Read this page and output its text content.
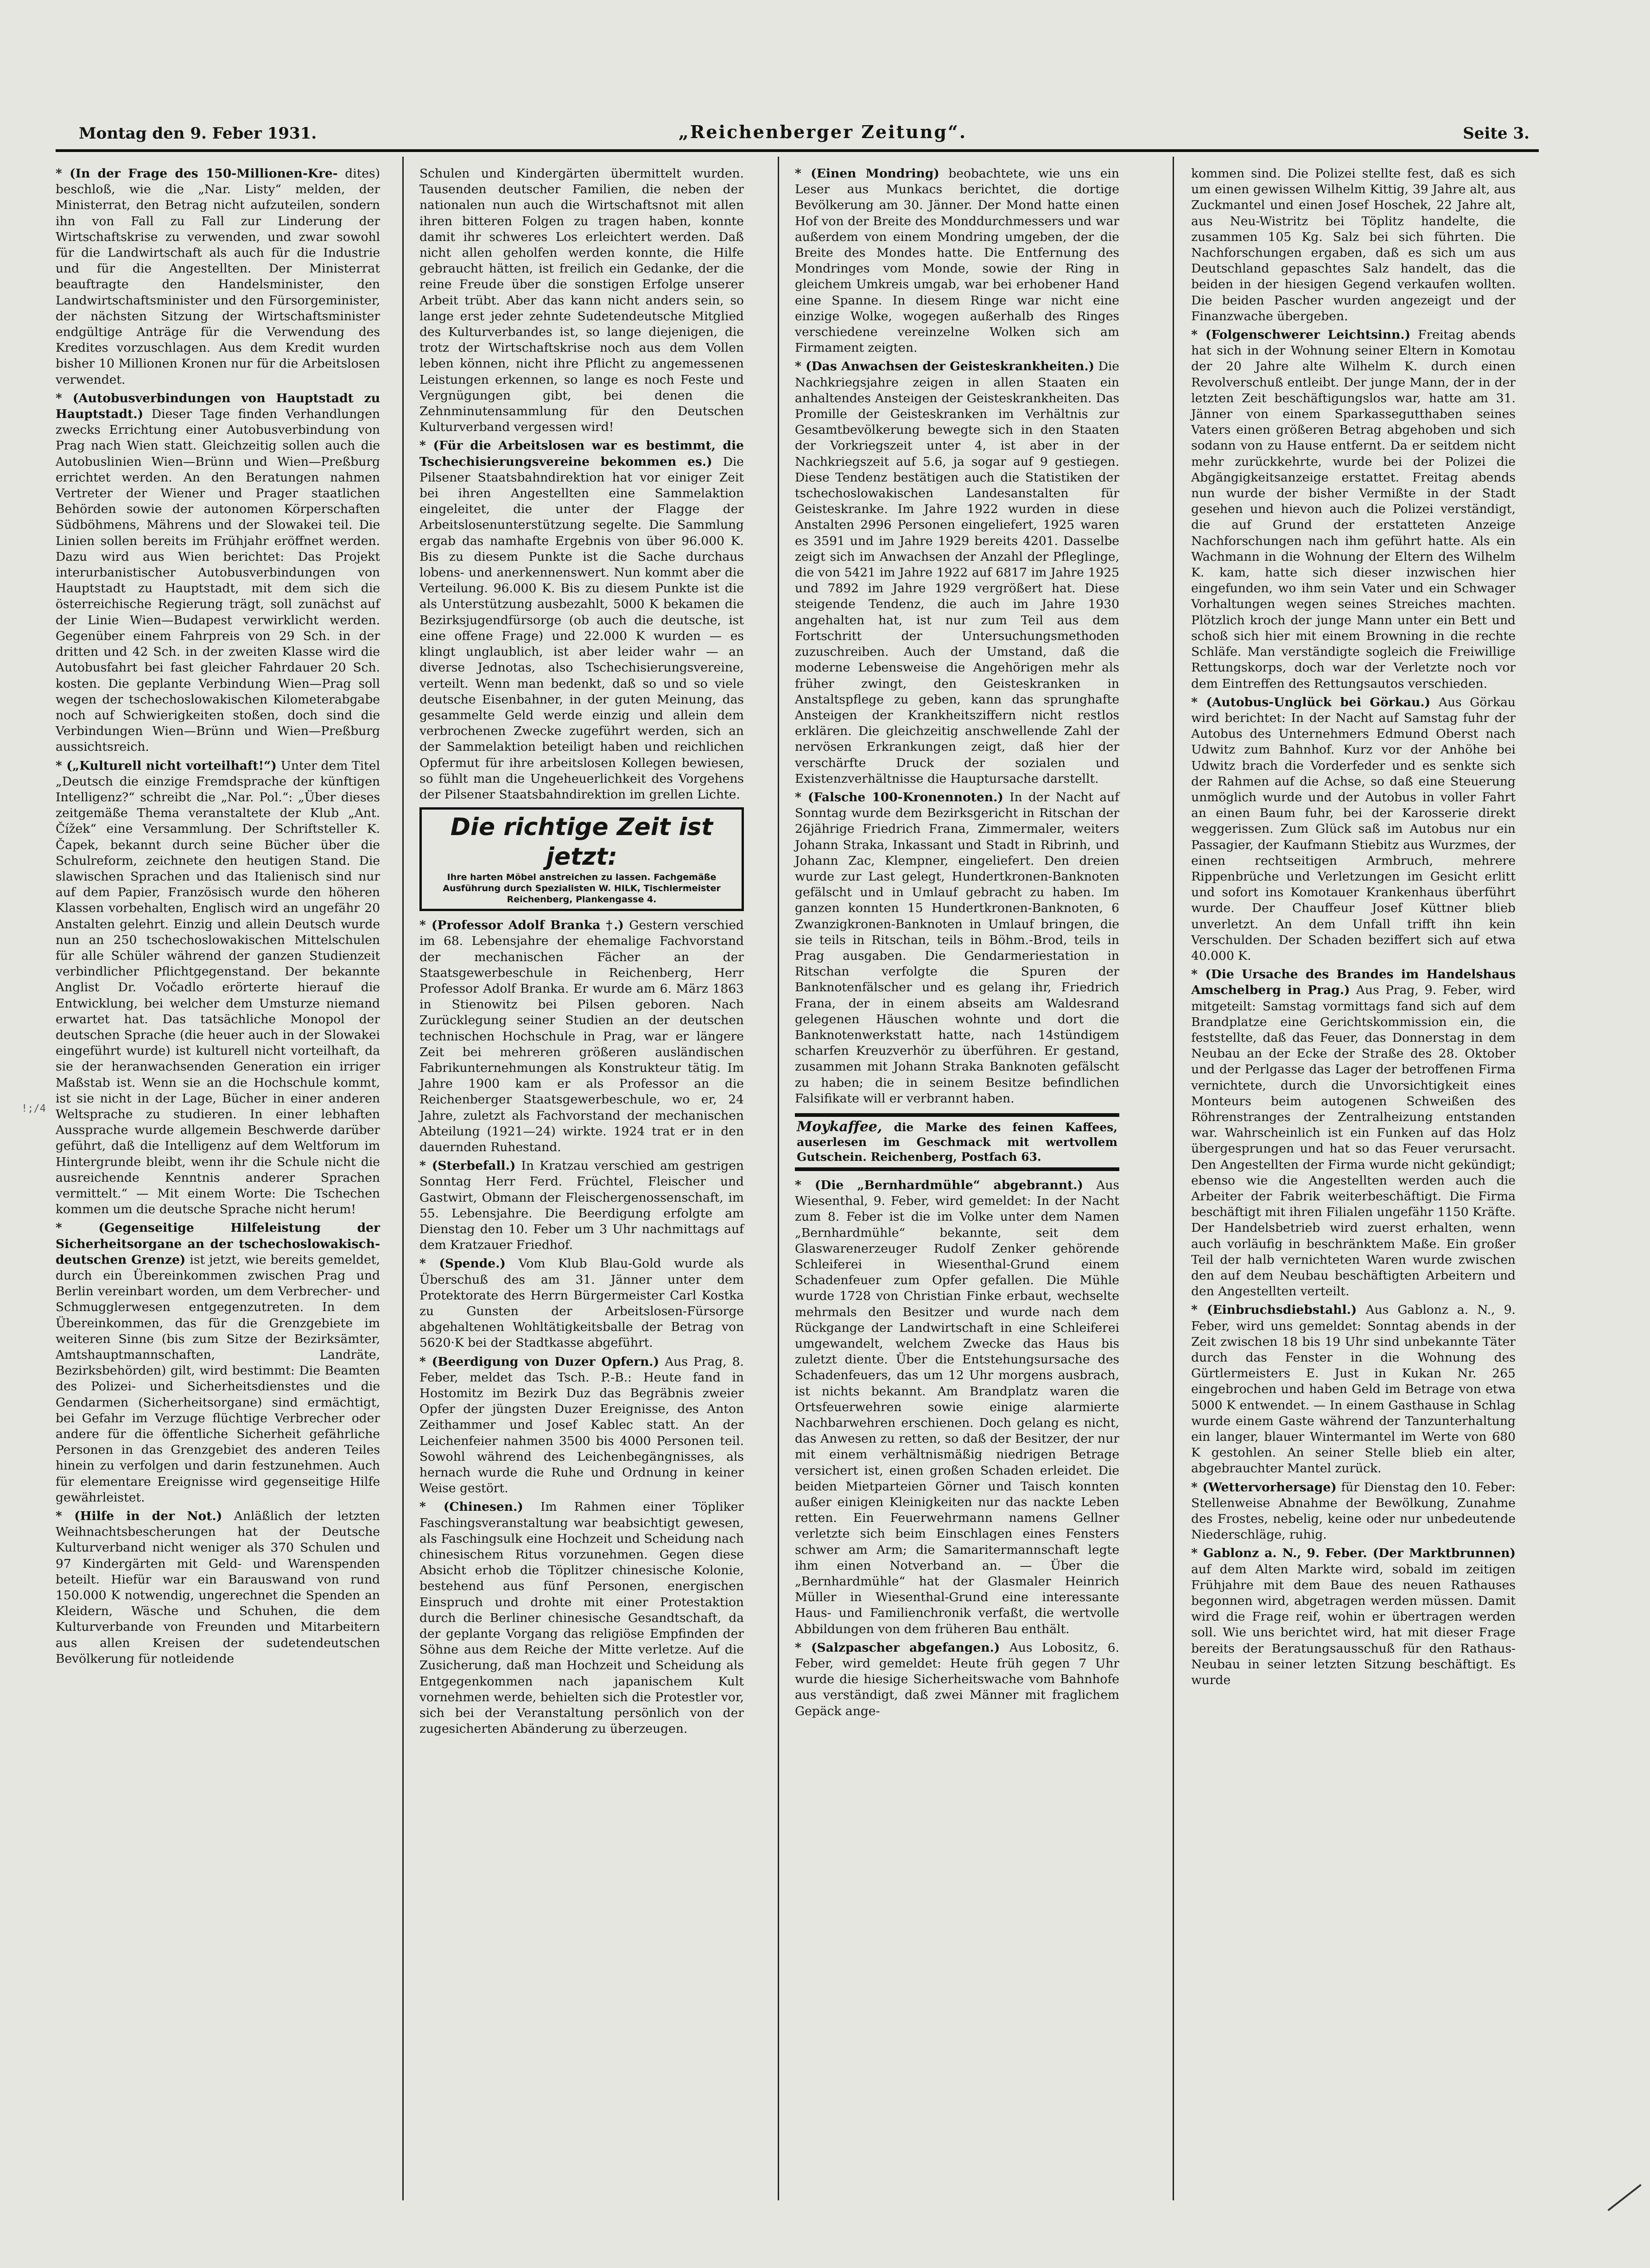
Montag den 9. Feber 1931.	„Reichenberger Zeitung“.	Seite 3.
* (In der Frage des 150-Millionen-Kre- dites) beschloß, wie die „Nar. Listy“ melden, der Ministerrat, den Betrag nicht aufzuteilen, sondern ihn von Fall zu Fall zur Linderung der Wirtschaftskrise zu verwenden, und zwar sowohl für die Landwirtschaft als auch für die Industrie und für die Angestellten. Der Ministerrat beauftragte den Handelsminister, den Landwirtschaftsminister und den Fürsorgeminister, der nächsten Sitzung der Wirtschaftsminister endgültige Anträge für die Verwendung des Kredites vorzuschlagen. Aus dem Kredit wurden bisher 10 Millionen Kronen nur für die Arbeitslosen verwendet.
* (Autobusverbindungen von Hauptstadt zu Hauptstadt.) Dieser Tage finden Verhandlungen zwecks Errichtung einer Autobusverbindung von Prag nach Wien statt. Gleichzeitig sollen auch die Autobuslinien Wien—Brünn und Wien—Preßburg errichtet werden. An den Beratungen nahmen Vertreter der Wiener und Prager staatlichen Behörden sowie der autonomen Körperschaften Südböhmens, Mährens und der Slowakei teil. Die Linien sollen bereits im Frühjahr eröffnet werden. Dazu wird aus Wien berichtet: Das Projekt interurbanistischer Autobusverbindungen von Hauptstadt zu Hauptstadt, mit dem sich die österreichische Regierung trägt, soll zunächst auf der Linie Wien—Budapest verwirklicht werden. Gegenüber einem Fahrpreis von 29 Sch. in der dritten und 42 Sch. in der zweiten Klasse wird die Autobusfahrt bei fast gleicher Fahrdauer 20 Sch. kosten. Die geplante Verbindung Wien—Prag soll wegen der tschechoslowakischen Kilometerabgabe noch auf Schwierigkeiten stoßen, doch sind die Verbindungen Wien—Brünn und Wien—Preßburg aussichtsreich.
* („Kulturell nicht vorteilhaft!“) Unter dem Titel „Deutsch die einzige Fremdsprache der künftigen Intelligenz?“ schreibt die „Nar. Pol.“: „Über dieses zeitgemäße Thema veranstaltete der Klub „Ant. Čížek“ eine Versammlung. Der Schriftsteller K. Čapek, bekannt durch seine Bücher über die Schulreform, zeichnete den heutigen Stand. Die slawischen Sprachen und das Italienisch sind nur auf dem Papier, Französisch wurde den höheren Klassen vorbehalten, Englisch wird an ungefähr 20 Anstalten gelehrt. Einzig und allein Deutsch wurde nun an 250 tschechoslowakischen Mittelschulen für alle Schüler während der ganzen Studienzeit verbindlicher Pflichtgegenstand. Der bekannte Anglist Dr. Vočadlo erörterte hierauf die Entwicklung, bei welcher dem Umsturze niemand erwartet hat. Das tatsächliche Monopol der deutschen Sprache (die heuer auch in der Slowakei eingeführt wurde) ist kulturell nicht vorteilhaft, da sie der heranwachsenden Generation ein irriger Maßstab ist. Wenn sie an die Hochschule kommt, ist sie nicht in der Lage, Bücher in einer anderen Weltsprache zu studieren. In einer lebhaften Aussprache wurde allgemein Beschwerde darüber geführt, daß die Intelligenz auf dem Weltforum im Hintergrunde bleibt, wenn ihr die Schule nicht die ausreichende Kenntnis anderer Sprachen vermittelt.“ — Mit einem Worte: Die Tschechen kommen um die deutsche Sprache nicht herum!
* (Gegenseitige Hilfeleistung der Sicherheitsorgane an der tschechoslowakisch-deutschen Grenze) ist jetzt, wie bereits gemeldet, durch ein Übereinkommen zwischen Prag und Berlin vereinbart worden, um dem Verbrecher- und Schmugglerwesen entgegenzutreten. In dem Übereinkommen, das für die Grenzgebiete im weiteren Sinne (bis zum Sitze der Bezirksämter, Amtshauptmannschaften, Landräte, Bezirksbehörden) gilt, wird bestimmt: Die Beamten des Polizei- und Sicherheitsdienstes und die Gendarmen (Sicherheitsorgane) sind ermächtigt, bei Gefahr im Verzuge flüchtige Verbrecher oder andere für die öffentliche Sicherheit gefährliche Personen in das Grenzgebiet des anderen Teiles hinein zu verfolgen und darin festzunehmen. Auch für elementare Ereignisse wird gegenseitige Hilfe gewährleistet.
* (Hilfe in der Not.) Anläßlich der letzten Weihnachtsbescherungen hat der Deutsche Kulturverband nicht weniger als 370 Schulen und 97 Kindergärten mit Geld- und Warenspenden beteilt. Hiefür war ein Barauswand von rund 150.000 K notwendig, ungerechnet die Spenden an Kleidern, Wäsche und Schuhen, die dem Kulturverbande von Freunden und Mitarbeitern aus allen Kreisen der sudetendeutschen Bevölkerung für notleidende
Schulen und Kindergärten übermittelt wurden. Tausenden deutscher Familien, die neben der nationalen nun auch die Wirtschaftsnot mit allen ihren bitteren Folgen zu tragen haben, konnte damit ihr schweres Los erleichtert werden. Daß nicht allen geholfen werden konnte, die Hilfe gebraucht hätten, ist freilich ein Gedanke, der die reine Freude über die sonstigen Erfolge unserer Arbeit trübt. Aber das kann nicht anders sein, so lange erst jeder zehnte Sudetendeutsche Mitglied des Kulturverbandes ist, so lange diejenigen, die trotz der Wirtschaftskrise noch aus dem Vollen leben können, nicht ihre Pflicht zu angemessenen Leistungen erkennen, so lange es noch Feste und Vergnügungen gibt, bei denen die Zehnminutensammlung für den Deutschen Kulturverband vergessen wird!
* (Für die Arbeitslosen war es bestimmt, die Tschechisierungsvereine bekommen es.) Die Pilsener Staatsbahndirektion hat vor einiger Zeit bei ihren Angestellten eine Sammelaktion eingeleitet, die unter der Flagge der Arbeitslosenunterstützung segelte. Die Sammlung ergab das namhafte Ergebnis von über 96.000 K. Bis zu diesem Punkte ist die Sache durchaus lobens- und anerkennenswert. Nun kommt aber die Verteilung. 96.000 K. Bis zu diesem Punkte ist die als Unterstützung ausbezahlt, 5000 K bekamen die Bezirksjugendfürsorge (ob auch die deutsche, ist eine offene Frage) und 22.000 K wurden — es klingt unglaublich, ist aber leider wahr — an diverse Jednotas, also Tschechisierungsvereine, verteilt. Wenn man bedenkt, daß so und so viele deutsche Eisenbahner, in der guten Meinung, das gesammelte Geld werde einzig und allein dem verbrochenen Zwecke zugeführt werden, sich an der Sammelaktion beteiligt haben und reichlichen Opfermut für ihre arbeitslosen Kollegen bewiesen, so fühlt man die Ungeheuerlichkeit des Vorgehens der Pilsener Staatsbahndirektion im grellen Lichte.
Die richtige Zeit ist jetzt:
Ihre harten Möbel anstreichen zu lassen. Fachgemäße
Ausführung durch Spezialisten W. HILK, Tischlermeister
Reichenberg, Plankengasse 4.
* (Professor Adolf Branka †.) Gestern verschied im 68. Lebensjahre der ehemalige Fachvorstand der mechanischen Fächer an der Staatsgewerbeschule in Reichenberg, Herr Professor Adolf Branka. Er wurde am 6. März 1863 in Stienowitz bei Pilsen geboren. Nach Zurücklegung seiner Studien an der deutschen technischen Hochschule in Prag, war er längere Zeit bei mehreren größeren ausländischen Fabrikunternehmungen als Konstrukteur tätig. Im Jahre 1900 kam er als Professor an die Reichenberger Staatsgewerbeschule, wo er, 24 Jahre, zuletzt als Fachvorstand der mechanischen Abteilung (1921—24) wirkte. 1924 trat er in den dauernden Ruhestand.
* (Sterbefall.) In Kratzau verschied am gestrigen Sonntag Herr Ferd. Früchtel, Fleischer und Gastwirt, Obmann der Fleischergenossenschaft, im 55. Lebensjahre. Die Beerdigung erfolgte am Dienstag den 10. Feber um 3 Uhr nachmittags auf dem Kratzauer Friedhof.
* (Spende.) Vom Klub Blau-Gold wurde als Überschuß des am 31. Jänner unter dem Protektorate des Herrn Bürgermeister Carl Kostka zu Gunsten der Arbeitslosen-Fürsorge abgehaltenen Wohltätigkeitsballe der Betrag von 5620·K bei der Stadtkasse abgeführt.
* (Beerdigung von Duzer Opfern.) Aus Prag, 8. Feber, meldet das Tsch. P.-B.: Heute fand in Hostomitz im Bezirk Duz das Begräbnis zweier Opfer der jüngsten Duzer Ereignisse, des Anton Zeithammer und Josef Kablec statt. An der Leichenfeier nahmen 3500 bis 4000 Personen teil. Sowohl während des Leichenbegängnisses, als hernach wurde die Ruhe und Ordnung in keiner Weise gestört.
* (Chinesen.) Im Rahmen einer Töpliker Faschingsveranstaltung war beabsichtigt gewesen, als Faschingsulk eine Hochzeit und Scheidung nach chinesischem Ritus vorzunehmen. Gegen diese Absicht erhob die Töplitzer chinesische Kolonie, bestehend aus fünf Personen, energischen Einspruch und drohte mit einer Protestaktion durch die Berliner chinesische Gesandtschaft, da der geplante Vorgang das religiöse Empfinden der Söhne aus dem Reiche der Mitte verletze. Auf die Zusicherung, daß man Hochzeit und Scheidung als Entgegenkommen nach japanischem Kult vornehmen werde, behielten sich die Protestler vor, sich bei der Veranstaltung persönlich von der zugesicherten Abänderung zu überzeugen.
* (Einen Mondring) beobachtete, wie uns ein Leser aus Munkacs berichtet, die dortige Bevölkerung am 30. Jänner. Der Mond hatte einen Hof von der Breite des Monddurchmessers und war außerdem von einem Mondring umgeben, der die Breite des Mondes hatte. Die Entfernung des Mondringes vom Monde, sowie der Ring in gleichem Umkreis umgab, war bei erhobener Hand eine Spanne. In diesem Ringe war nicht eine einzige Wolke, wogegen außerhalb des Ringes verschiedene vereinzelne Wolken sich am Firmament zeigten.
* (Das Anwachsen der Geisteskrankheiten.) Die Nachkriegsjahre zeigen in allen Staaten ein anhaltendes Ansteigen der Geisteskrankheiten. Das Promille der Geisteskranken im Verhältnis zur Gesamtbevölkerung bewegte sich in den Staaten der Vorkriegszeit unter 4, ist aber in der Nachkriegszeit auf 5.6, ja sogar auf 9 gestiegen. Diese Tendenz bestätigen auch die Statistiken der tschechoslowakischen Landesanstalten für Geisteskranke. Im Jahre 1922 wurden in diese Anstalten 2996 Personen eingeliefert, 1925 waren es 3591 und im Jahre 1929 bereits 4201. Dasselbe zeigt sich im Anwachsen der Anzahl der Pfleglinge, die von 5421 im Jahre 1922 auf 6817 im Jahre 1925 und 7892 im Jahre 1929 vergrößert hat. Diese steigende Tendenz, die auch im Jahre 1930 angehalten hat, ist nur zum Teil aus dem Fortschritt der Untersuchungsmethoden zuzuschreiben. Auch der Umstand, daß die moderne Lebensweise die Angehörigen mehr als früher zwingt, den Geisteskranken in Anstaltspflege zu geben, kann das sprunghafte Ansteigen der Krankheitsziffern nicht restlos erklären. Die gleichzeitig anschwellende Zahl der nervösen Erkrankungen zeigt, daß hier der verschärfte Druck der sozialen und Existenzverhältnisse die Hauptursache darstellt.
* (Falsche 100-Kronennoten.) In der Nacht auf Sonntag wurde dem Bezirksgericht in Ritschan der 26jährige Friedrich Frana, Zimmermaler, weiters Johann Straka, Inkassant und Stadt in Ribrinh, und Johann Zac, Klempner, eingeliefert. Den dreien wurde zur Last gelegt, Hundertkronen-Banknoten gefälscht und in Umlauf gebracht zu haben. Im ganzen konnten 15 Hundertkronen-Banknoten, 6 Zwanzigkronen-Banknoten in Umlauf bringen, die sie teils in Ritschan, teils in Böhm.-Brod, teils in Prag ausgaben. Die Gendarmeriestation in Ritschan verfolgte die Spuren der Banknotenfälscher und es gelang ihr, Friedrich Frana, der in einem abseits am Waldesrand gelegenen Häuschen wohnte und dort die Banknotenwerkstatt hatte, nach 14stündigem scharfen Kreuzverhör zu überführen. Er gestand, zusammen mit Johann Straka Banknoten gefälscht zu haben; die in seinem Besitze befindlichen Falsifikate will er verbrannt haben.
Moykaffee, die Marke des feinen Kaffees, auserlesen im Geschmack mit wertvollem Gutschein. Reichenberg, Postfach 63.
* (Die „Bernhardmühle“ abgebrannt.) Aus Wiesenthal, 9. Feber, wird gemeldet: In der Nacht zum 8. Feber ist die im Volke unter dem Namen „Bernhardmühle“ bekannte, seit dem Glaswarenerzeuger Rudolf Zenker gehörende Schleiferei in Wiesenthal-Grund einem Schadenfeuer zum Opfer gefallen. Die Mühle wurde 1728 von Christian Finke erbaut, wechselte mehrmals den Besitzer und wurde nach dem Rückgange der Landwirtschaft in eine Schleiferei umgewandelt, welchem Zwecke das Haus bis zuletzt diente. Über die Entstehungsursache des Schadenfeuers, das um 12 Uhr morgens ausbrach, ist nichts bekannt. Am Brandplatz waren die Ortsfeuerwehren sowie einige alarmierte Nachbarwehren erschienen. Doch gelang es nicht, das Anwesen zu retten, so daß der Besitzer, der nur mit einem verhältnismäßig niedrigen Betrage versichert ist, einen großen Schaden erleidet. Die beiden Mietparteien Görner und Taisch konnten außer einigen Kleinigkeiten nur das nackte Leben retten. Ein Feuerwehrmann namens Gellner verletzte sich beim Einschlagen eines Fensters schwer am Arm; die Samaritermannschaft legte ihm einen Notverband an. — Über die „Bernhardmühle“ hat der Glasmaler Heinrich Müller in Wiesenthal-Grund eine interessante Haus- und Familienchronik verfaßt, die wertvolle Abbildungen von dem früheren Bau enthält.
* (Salzpascher abgefangen.) Aus Lobositz, 6. Feber, wird gemeldet: Heute früh gegen 7 Uhr wurde die hiesige Sicherheitswache vom Bahnhofe aus verständigt, daß zwei Männer mit fraglichem Gepäck ange-
kommen sind. Die Polizei stellte fest, daß es sich um einen gewissen Wilhelm Kittig, 39 Jahre alt, aus Zuckmantel und einen Josef Hoschek, 22 Jahre alt, aus Neu-Wistritz bei Töplitz handelte, die zusammen 105 Kg. Salz bei sich führten. Die Nachforschungen ergaben, daß es sich um aus Deutschland gepaschtes Salz handelt, das die beiden in der hiesigen Gegend verkaufen wollten. Die beiden Pascher wurden angezeigt und der Finanzwache übergeben.
* (Folgenschwerer Leichtsinn.) Freitag abends hat sich in der Wohnung seiner Eltern in Komotau der 20 Jahre alte Wilhelm K. durch einen Revolverschuß entleibt. Der junge Mann, der in der letzten Zeit beschäftigungslos war, hatte am 31. Jänner von einem Sparkassegutthaben seines Vaters einen größeren Betrag abgehoben und sich sodann von zu Hause entfernt. Da er seitdem nicht mehr zurückkehrte, wurde bei der Polizei die Abgängigkeitsanzeige erstattet. Freitag abends nun wurde der bisher Vermißte in der Stadt gesehen und hievon auch die Polizei verständigt, die auf Grund der erstatteten Anzeige Nachforschungen nach ihm geführt hatte. Als ein Wachmann in die Wohnung der Eltern des Wilhelm K. kam, hatte sich dieser inzwischen hier eingefunden, wo ihm sein Vater und ein Schwager Vorhaltungen wegen seines Streiches machten. Plötzlich kroch der junge Mann unter ein Bett und schoß sich hier mit einem Browning in die rechte Schläfe. Man verständigte sogleich die Freiwillige Rettungskorps, doch war der Verletzte noch vor dem Eintreffen des Rettungsautos verschieden.
* (Autobus-Unglück bei Görkau.) Aus Görkau wird berichtet: In der Nacht auf Samstag fuhr der Autobus des Unternehmers Edmund Oberst nach Udwitz zum Bahnhof. Kurz vor der Anhöhe bei Udwitz brach die Vorderfeder und es senkte sich der Rahmen auf die Achse, so daß eine Steuerung unmöglich wurde und der Autobus in voller Fahrt an einen Baum fuhr, bei der Karosserie direkt weggerissen. Zum Glück saß im Autobus nur ein Passagier, der Kaufmann Stiebitz aus Wurzmes, der einen rechtseitigen Armbruch, mehrere Rippenbrüche und Verletzungen im Gesicht erlitt und sofort ins Komotauer Krankenhaus überführt wurde. Der Chauffeur Josef Küttner blieb unverletzt. An dem Unfall trifft ihn kein Verschulden. Der Schaden beziffert sich auf etwa 40.000 K.
* (Die Ursache des Brandes im Handelshaus Amschelberg in Prag.) Aus Prag, 9. Feber, wird mitgeteilt: Samstag vormittags fand sich auf dem Brandplatze eine Gerichtskommission ein, die feststellte, daß das Feuer, das Donnerstag in dem Neubau an der Ecke der Straße des 28. Oktober und der Perlgasse das Lager der betroffenen Firma vernichtete, durch die Unvorsichtigkeit eines Monteurs beim autogenen Schweißen des Röhrenstranges der Zentralheizung entstanden war. Wahrscheinlich ist ein Funken auf das Holz übergesprungen und hat so das Feuer verursacht. Den Angestellten der Firma wurde nicht gekündigt; ebenso wie die Angestellten werden auch die Arbeiter der Fabrik weiterbeschäftigt. Die Firma beschäftigt mit ihren Filialen ungefähr 1150 Kräfte. Der Handelsbetrieb wird zuerst erhalten, wenn auch vorläufig in beschränktem Maße. Ein großer Teil der halb vernichteten Waren wurde zwischen den auf dem Neubau beschäftigten Arbeitern und den Angestellten verteilt.
* (Einbruchsdiebstahl.) Aus Gablonz a. N., 9. Feber, wird uns gemeldet: Sonntag abends in der Zeit zwischen 18 bis 19 Uhr sind unbekannte Täter durch das Fenster in die Wohnung des Gürtlermeisters E. Just in Kukan Nr. 265 eingebrochen und haben Geld im Betrage von etwa 5000 K entwendet. — In einem Gasthause in Schlag wurde einem Gaste während der Tanzunterhaltung ein langer, blauer Wintermantel im Werte von 680 K gestohlen. An seiner Stelle blieb ein alter, abgebrauchter Mantel zurück.
* (Wettervorhersage) für Dienstag den 10. Feber: Stellenweise Abnahme der Bewölkung, Zunahme des Frostes, nebelig, keine oder nur unbedeutende Niederschläge, ruhig.
* Gablonz a. N., 9. Feber. (Der Marktbrunnen) auf dem Alten Markte wird, sobald im zeitigen Frühjahre mit dem Baue des neuen Rathauses begonnen wird, abgetragen werden müssen. Damit wird die Frage reif, wohin er übertragen werden soll. Wie uns berichtet wird, hat mit dieser Frage bereits der Beratungsausschuß für den Rathaus-Neubau in seiner letzten Sitzung beschäftigt. Es wurde
!;/4
